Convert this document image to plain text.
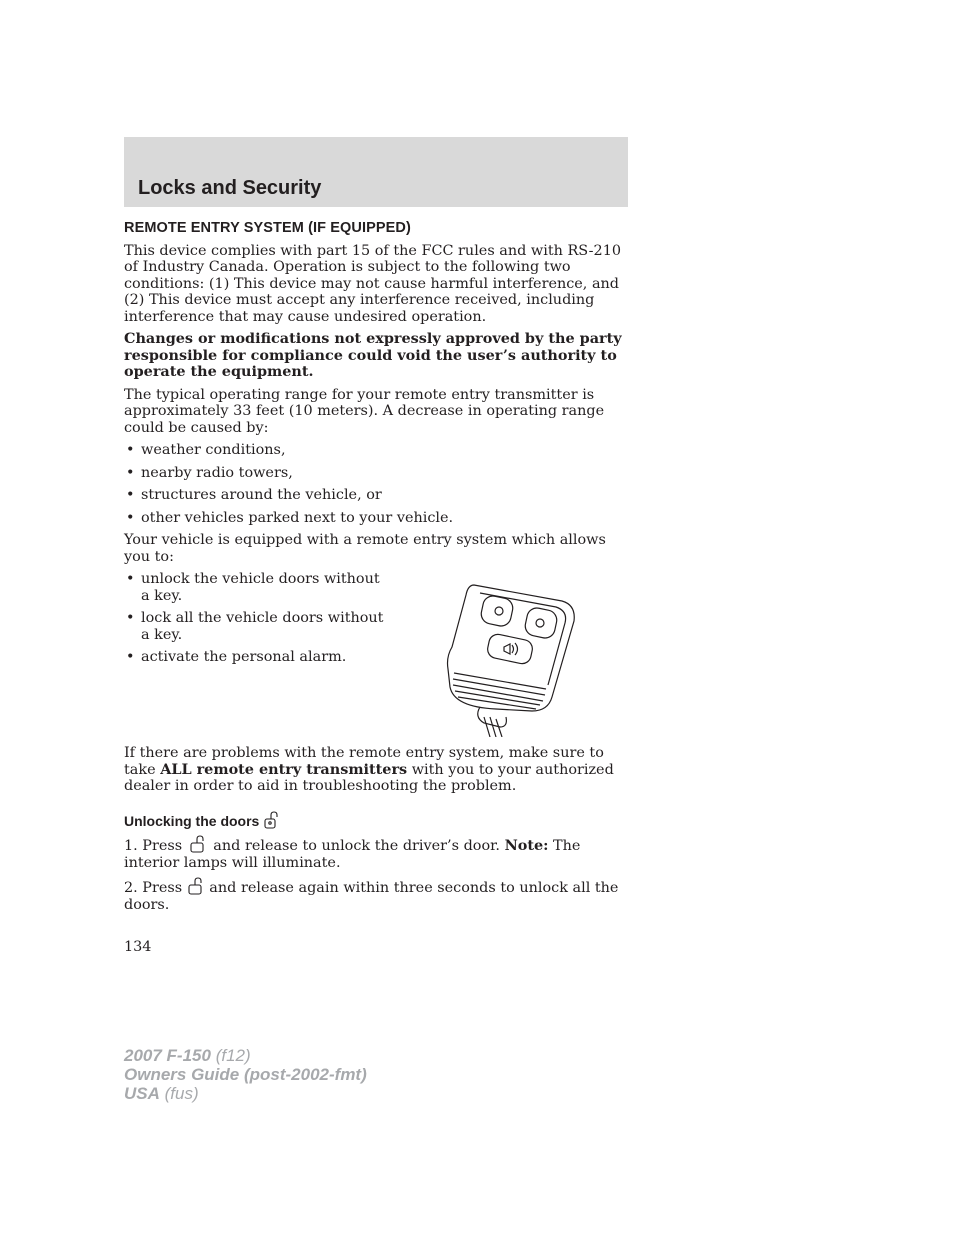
Locks and Security
REMOTE ENTRY SYSTEM (IF EQUIPPED)

This device complies with part 15 of the FCC rules and with RS-210 of Industry Canada. Operation is subject to the following two conditions: (1) This device may not cause harmful interference, and (2) This device must accept any interference received, including interference that may cause undesired operation.

Changes or modifications not expressly approved by the party responsible for compliance could void the user’s authority to operate the equipment.

The typical operating range for your remote entry transmitter is approximately 33 feet (10 meters). A decrease in operating range could be caused by:

• weather conditions,
• nearby radio towers,
• structures around the vehicle, or
• other vehicles parked next to your vehicle.

Your vehicle is equipped with a remote entry system which allows you to:

• unlock the vehicle doors without a key.
• lock all the vehicle doors without a key.
• activate the personal alarm.

If there are problems with the remote entry system, make sure to take ALL remote entry transmitters with you to your authorized dealer in order to aid in troubleshooting the problem.

Unlocking the doors

1. Press  and release to unlock the driver’s door. Note: The interior lamps will illuminate.

2. Press  and release again within three seconds to unlock all the doors.

134
2007 F-150 (f12)
Owners Guide (post-2002-fmt)
USA (fus)
